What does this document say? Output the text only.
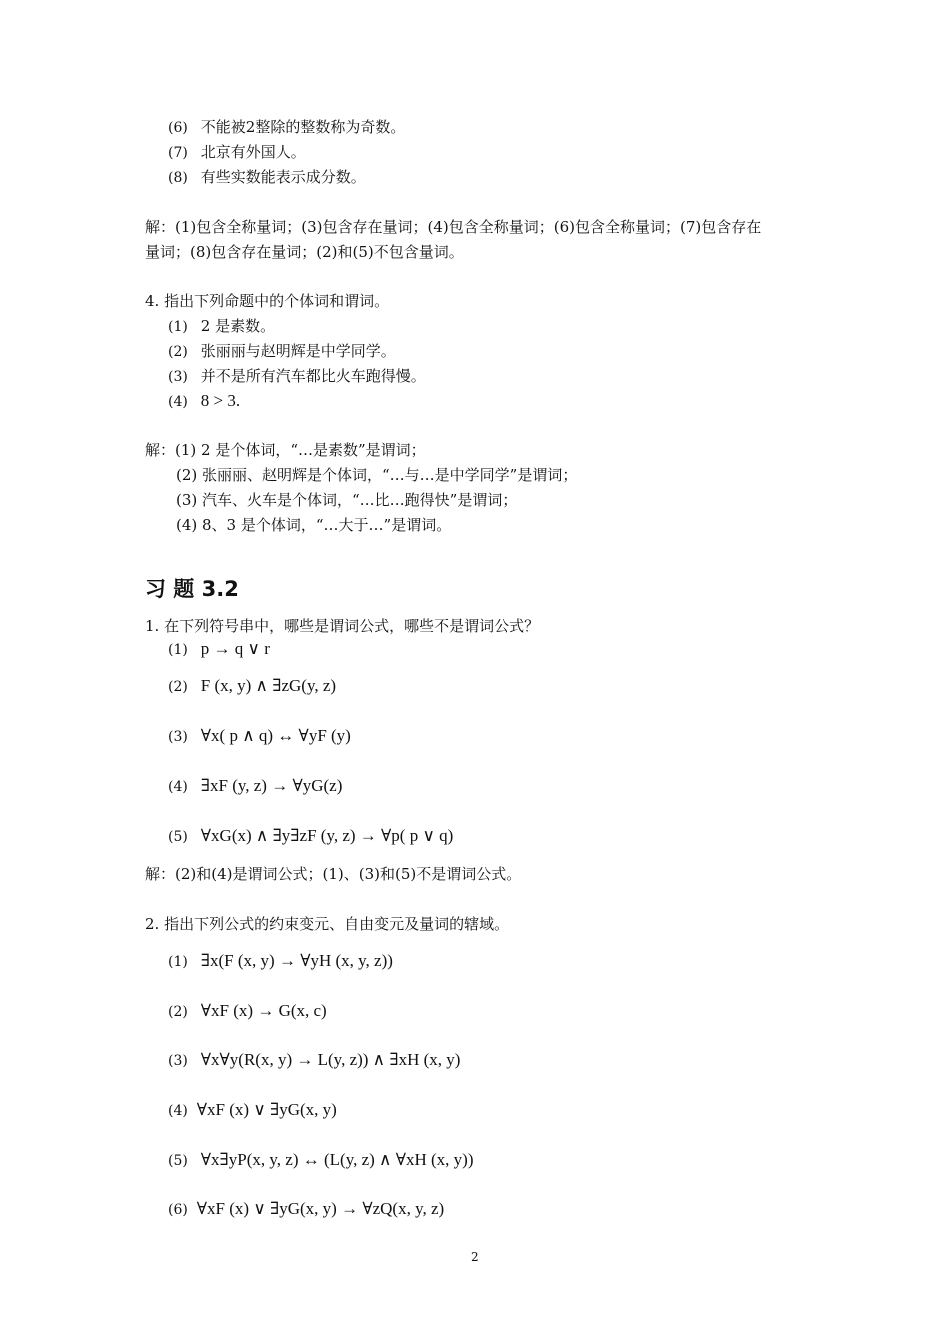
(6) 不能被2整除的整数称为奇数。
(7) 北京有外国人。
(8) 有些实数能表示成分数。
解：(1)包含全称量词；(3)包含存在量词；(4)包含全称量词；(6)包含全称量词；(7)包含存在
量词；(8)包含存在量词；(2)和(5)不包含量词。
4. 指出下列命题中的个体词和谓词。
(1) 2 是素数。
(2) 张丽丽与赵明辉是中学同学。
(3) 并不是所有汽车都比火车跑得慢。
(4) 8 > 3.
解：(1) 2 是个体词，“…是素数”是谓词；
(2) 张丽丽、赵明辉是个体词，“…与…是中学同学”是谓词；
(3) 汽车、火车是个体词，“…比…跑得快”是谓词；
(4) 8、3 是个体词，“…大于…”是谓词。
习 题 3.2
1. 在下列符号串中，哪些是谓词公式，哪些不是谓词公式？
(1) p → q ∨ r
(2) F (x, y) ∧ ∃zG(y, z)
(3) ∀x( p ∧ q) ↔ ∀yF (y)
(4) ∃xF (y, z) → ∀yG(z)
(5) ∀xG(x) ∧ ∃y∃zF (y, z) → ∀p( p ∨ q)
解：(2)和(4)是谓词公式；(1)、(3)和(5)不是谓词公式。
2. 指出下列公式的约束变元、自由变元及量词的辖域。
(1) ∃x(F (x, y) → ∀yH (x, y, z))
(2) ∀xF (x) → G(x, c)
(3) ∀x∀y(R(x, y) → L(y, z)) ∧ ∃xH (x, y)
(4) ∀xF (x) ∨ ∃yG(x, y)
(5) ∀x∃yP(x, y, z) ↔ (L(y, z) ∧ ∀xH (x, y))
(6) ∀xF (x) ∨ ∃yG(x, y) → ∀zQ(x, y, z)
2
